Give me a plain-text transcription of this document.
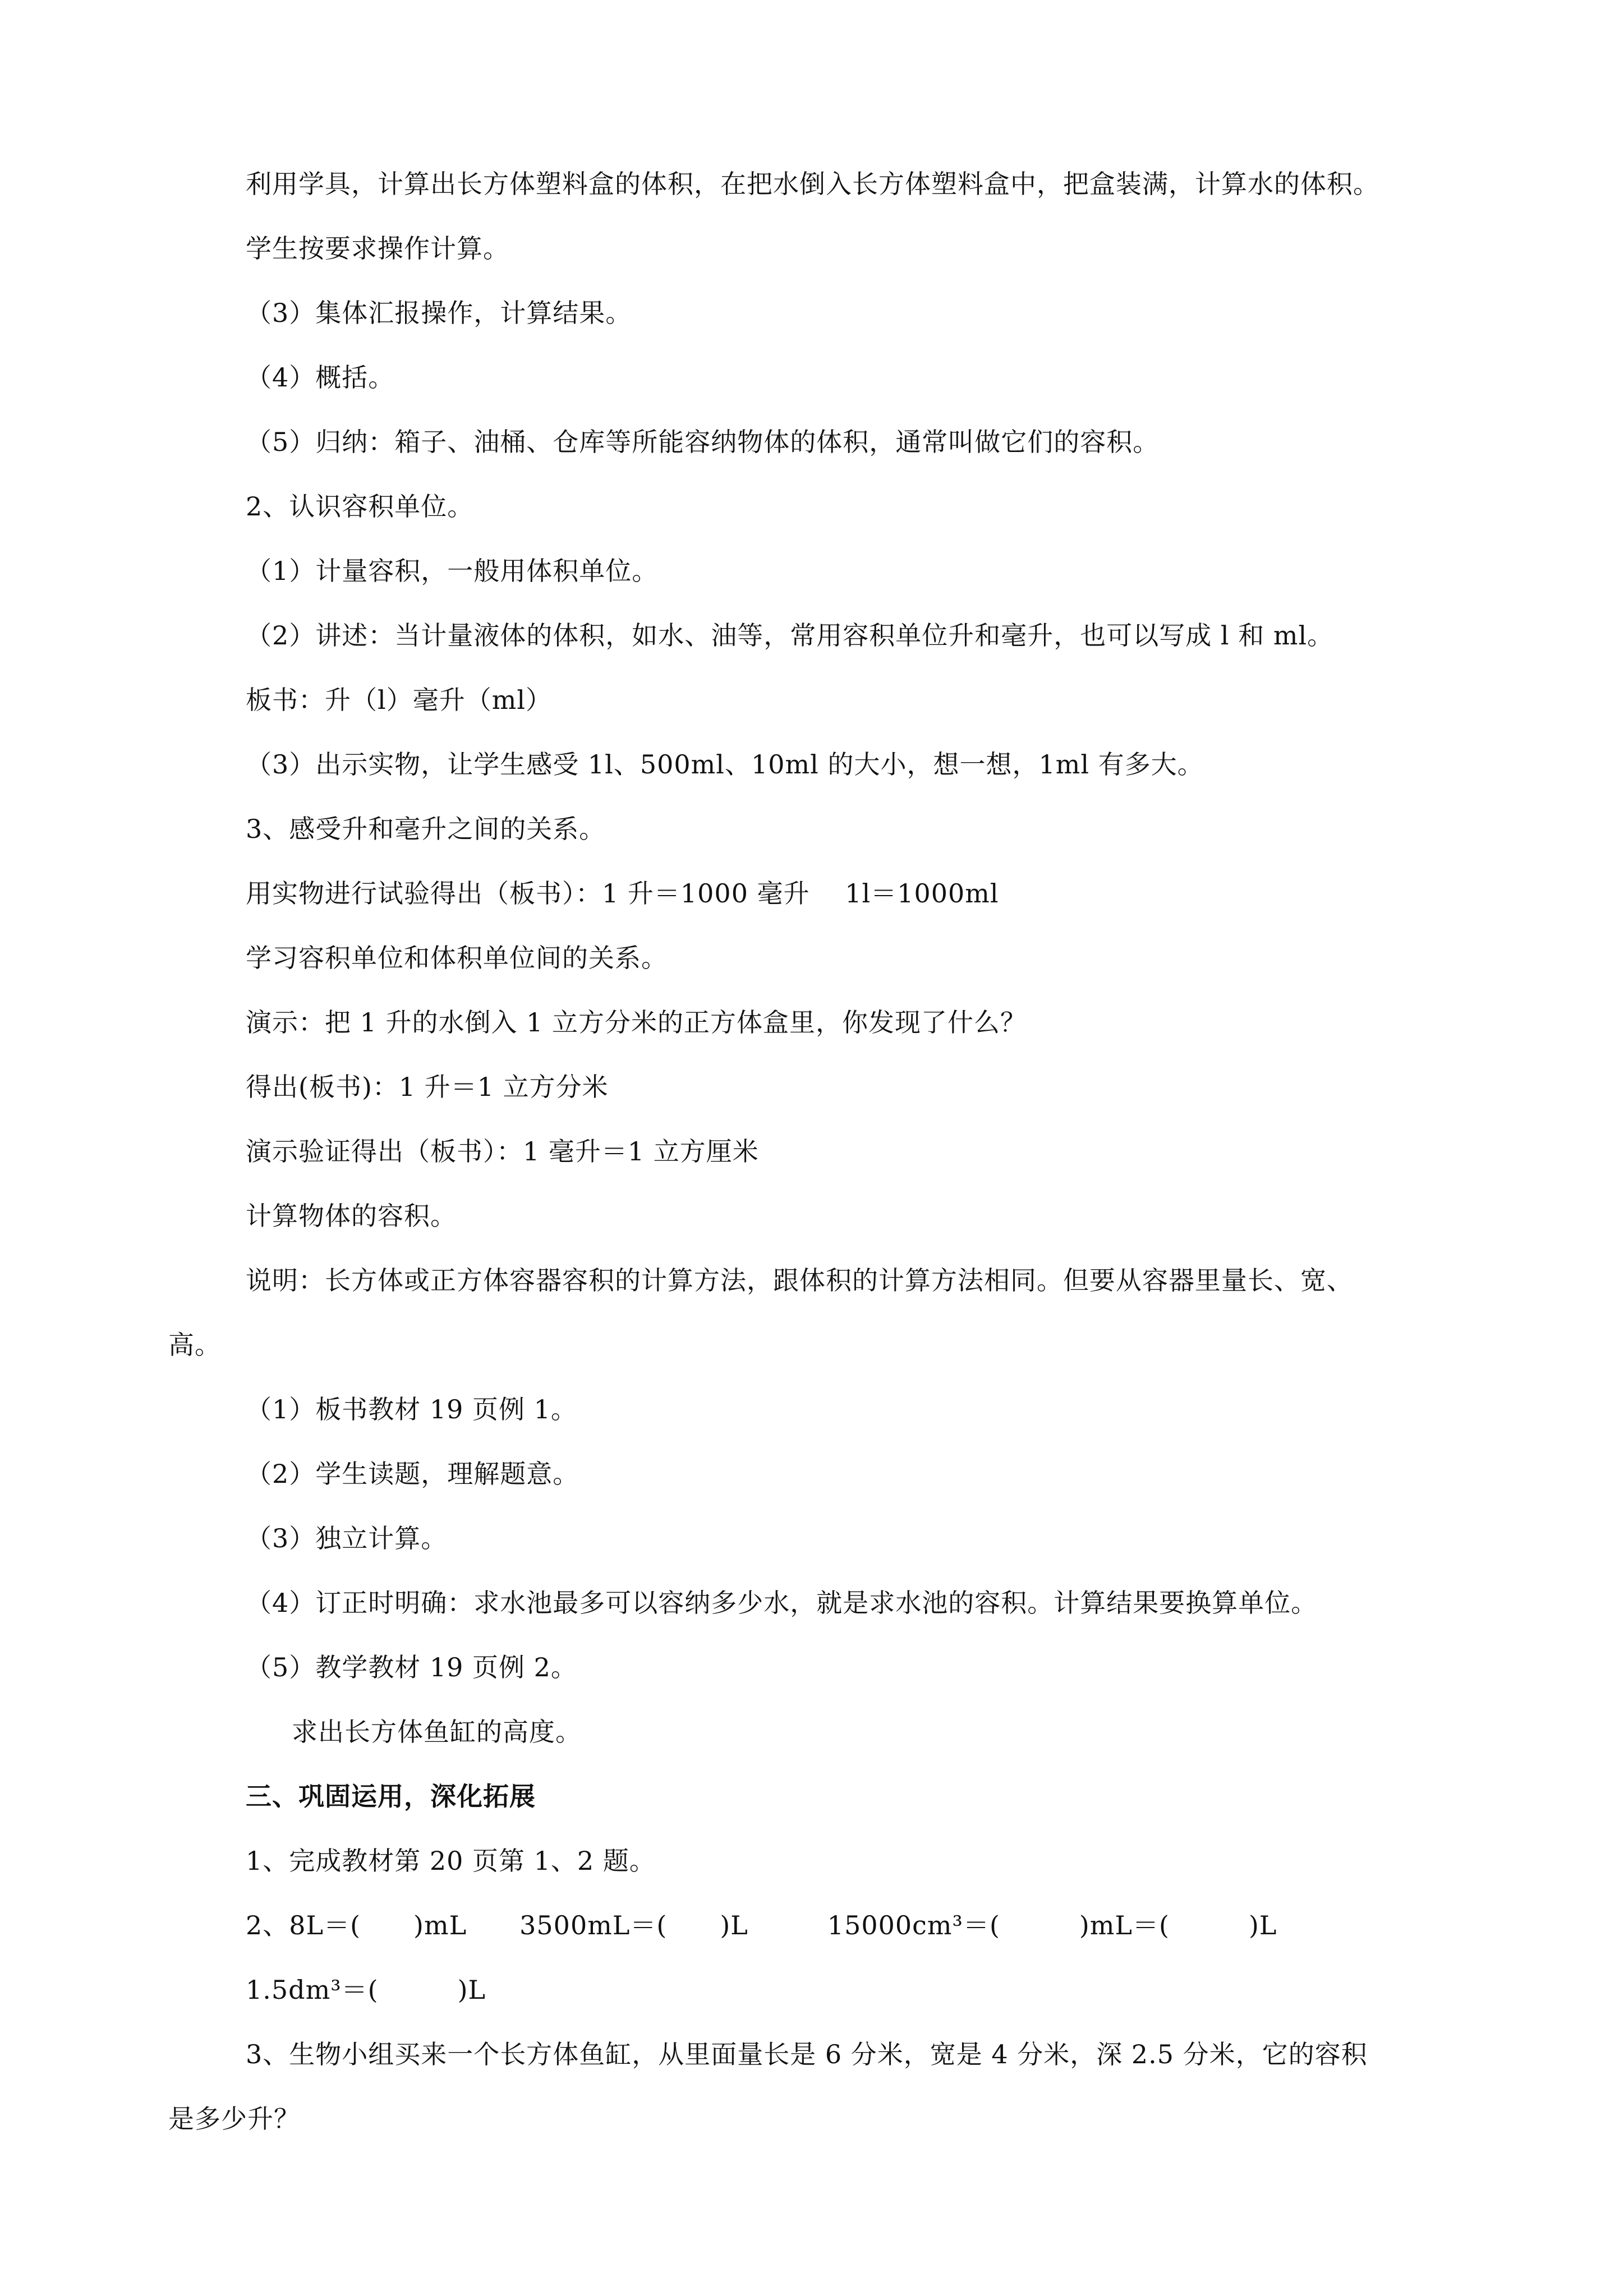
利用学具，计算出长方体塑料盒的体积，在把水倒入长方体塑料盒中，把盒装满，计算水的体积。
学生按要求操作计算。
（3）集体汇报操作，计算结果。
（4）概括。
（5）归纳：箱子、油桶、仓库等所能容纳物体的体积，通常叫做它们的容积。
2、认识容积单位。
（1）计量容积，一般用体积单位。
（2）讲述：当计量液体的体积，如水、油等，常用容积单位升和毫升，也可以写成 l 和 ml。
板书：升（l）毫升（ml）
（3）出示实物，让学生感受 1l、500ml、10ml 的大小，想一想，1ml 有多大。
3、感受升和毫升之间的关系。
用实物进行试验得出（板书）：1 升＝1000 毫升　 1l＝1000ml
学习容积单位和体积单位间的关系。
演示：把 1 升的水倒入 1 立方分米的正方体盒里，你发现了什么？
得出(板书)：1 升＝1 立方分米
演示验证得出（板书）：1 毫升＝1 立方厘米
计算物体的容积。
说明：长方体或正方体容器容积的计算方法，跟体积的计算方法相同。但要从容器里量长、宽、
高。
（1）板书教材 19 页例 1。
（2）学生读题，理解题意。
（3）独立计算。
（4）订正时明确：求水池最多可以容纳多少水，就是求水池的容积。计算结果要换算单位。
（5）教学教材 19 页例 2。
求出长方体鱼缸的高度。
三、巩固运用，深化拓展
1、完成教材第 20 页第 1、2 题。
2、8L＝(　　)mL　　3500mL＝(　　)L　　　15000cm³＝(　　　)mL＝(　　　)L
1.5dm³＝(　　　)L
3、生物小组买来一个长方体鱼缸，从里面量长是 6 分米，宽是 4 分米，深 2.5 分米，它的容积
是多少升？
